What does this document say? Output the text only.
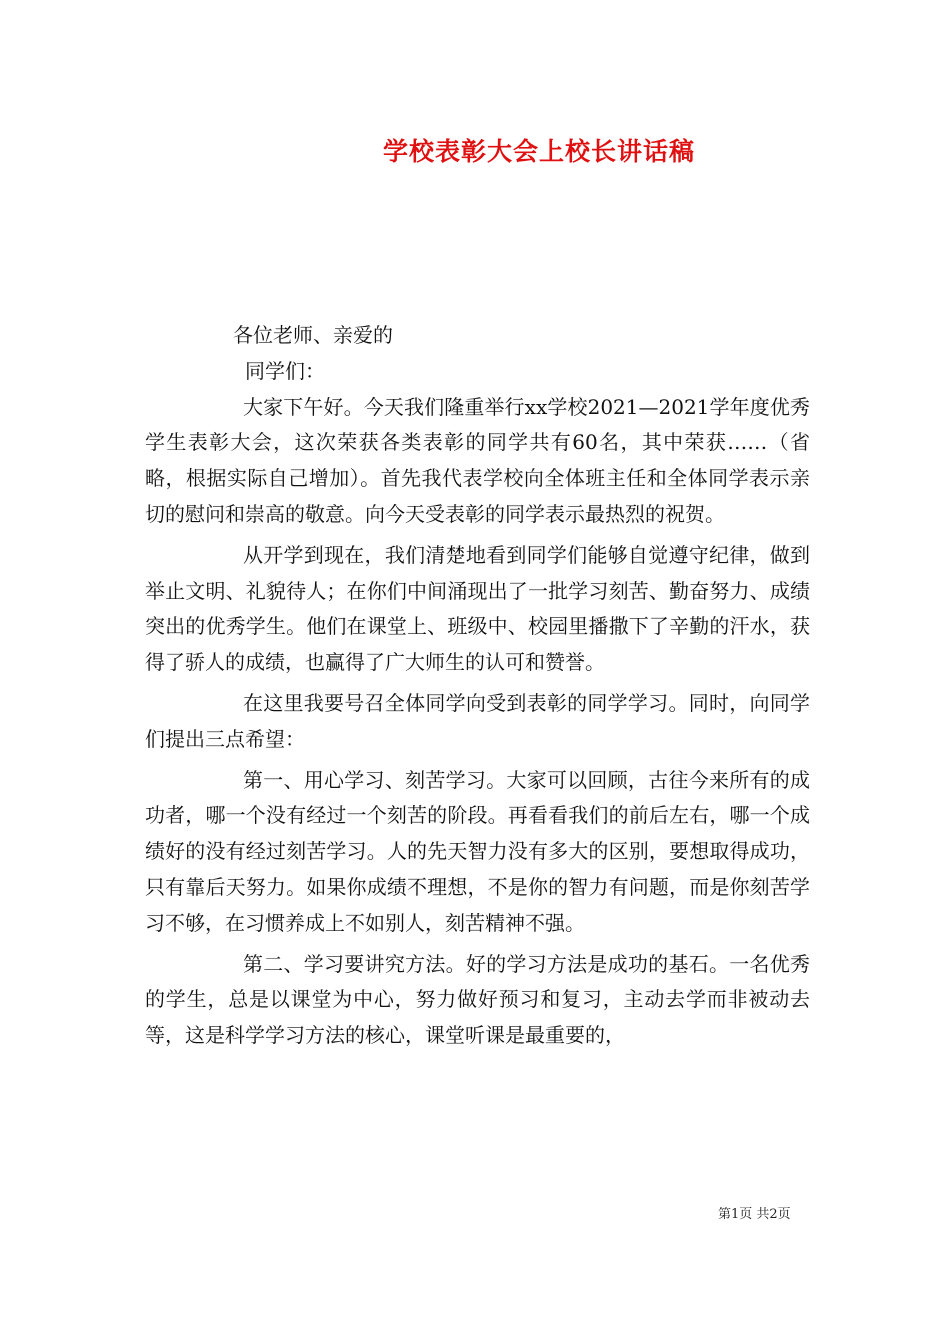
学校表彰大会上校长讲话稿

各位老师、亲爱的

同学们：

大家下午好。今天我们隆重举行xx学校2021—2021学年度优秀学生表彰大会，这次荣获各类表彰的同学共有60名，其中荣获……（省略，根据实际自己增加）。首先我代表学校向全体班主任和全体同学表示亲切的慰问和崇高的敬意。向今天受表彰的同学表示最热烈的祝贺。

从开学到现在，我们清楚地看到同学们能够自觉遵守纪律，做到举止文明、礼貌待人；在你们中间涌现出了一批学习刻苦、勤奋努力、成绩突出的优秀学生。他们在课堂上、班级中、校园里播撒下了辛勤的汗水，获得了骄人的成绩，也赢得了广大师生的认可和赞誉。

在这里我要号召全体同学向受到表彰的同学学习。同时，向同学们提出三点希望：

第一、用心学习、刻苦学习。大家可以回顾，古往今来所有的成功者，哪一个没有经过一个刻苦的阶段。再看看我们的前后左右，哪一个成绩好的没有经过刻苦学习。人的先天智力没有多大的区别，要想取得成功，只有靠后天努力。如果你成绩不理想，不是你的智力有问题，而是你刻苦学习不够，在习惯养成上不如别人，刻苦精神不强。

第二、学习要讲究方法。好的学习方法是成功的基石。一名优秀的学生，总是以课堂为中心，努力做好预习和复习，主动去学而非被动去等，这是科学学习方法的核心，课堂听课是最重要的，

第1页 共2页
